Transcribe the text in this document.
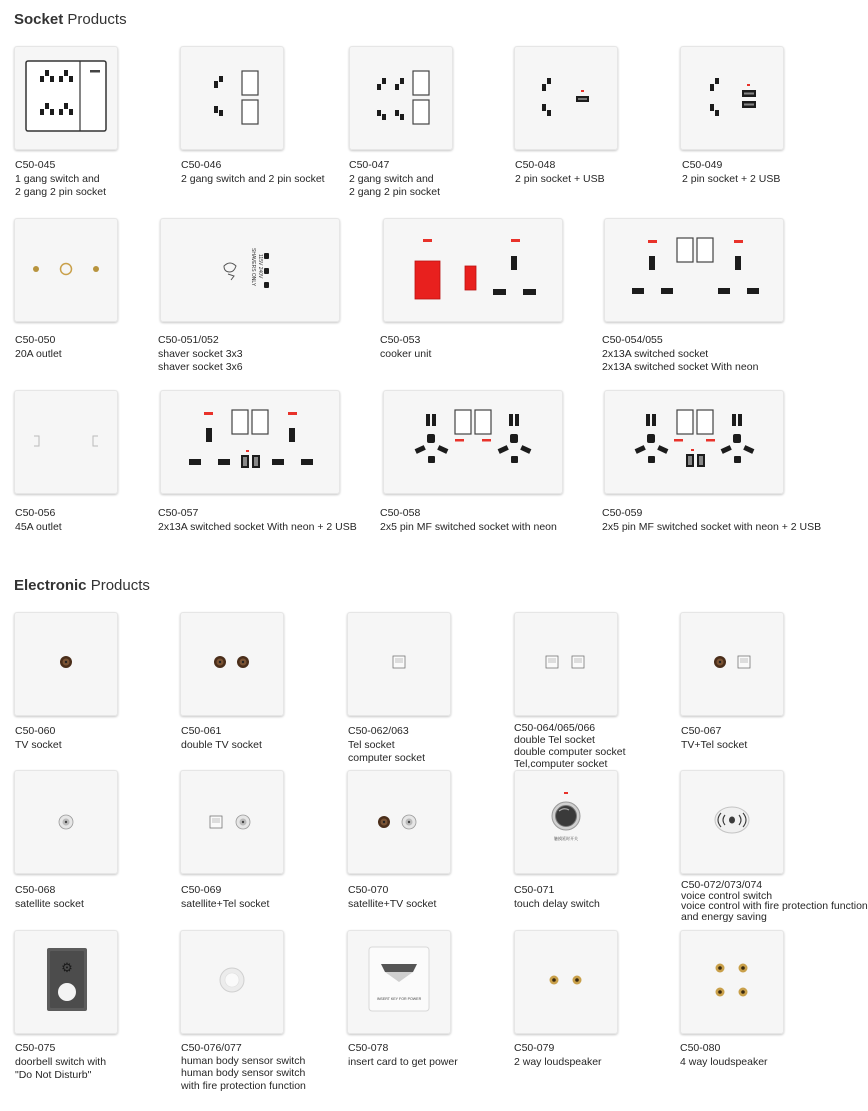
Socket Products
Electronic Products
C50-045
1 gang switch and
2 gang 2 pin socket
C50-046
2 gang switch and 2 pin socket
C50-047
2 gang switch and
2 gang 2 pin socket
C50-048
2 pin socket + USB
C50-049
2 pin socket + 2 USB
C50-050
20A outlet
SHAVERS ONLY 115V 240V
C50-051/052
shaver socket 3x3
shaver socket 3x6
C50-053
cooker unit
C50-054/055
2x13A switched socket
2x13A switched socket With neon
C50-056
45A outlet
C50-057
2x13A switched socket With neon + 2 USB
C50-058
2x5 pin MF switched socket with neon
C50-059
2x5 pin MF switched socket with neon + 2 USB
C50-060
TV socket
C50-061
double TV socket
C50-062/063
Tel socket
computer socket
C50-064/065/066
double Tel socket
double computer socket
Tel,computer socket
C50-067
TV+Tel socket
C50-068
satellite socket
C50-069
satellite+Tel socket
C50-070
satellite+TV socket
触摸延时开关
C50-071
touch delay switch
C50-072/073/074
voice control switch
voice control with fire protection function
and energy saving
⚙
C50-075
doorbell switch with
"Do Not Disturb"
C50-076/077
human body sensor switch
human body sensor switch
with fire protection function
INSERT KEY FOR POWER
C50-078
insert card to get power
C50-079
2 way loudspeaker
C50-080
4 way loudspeaker
